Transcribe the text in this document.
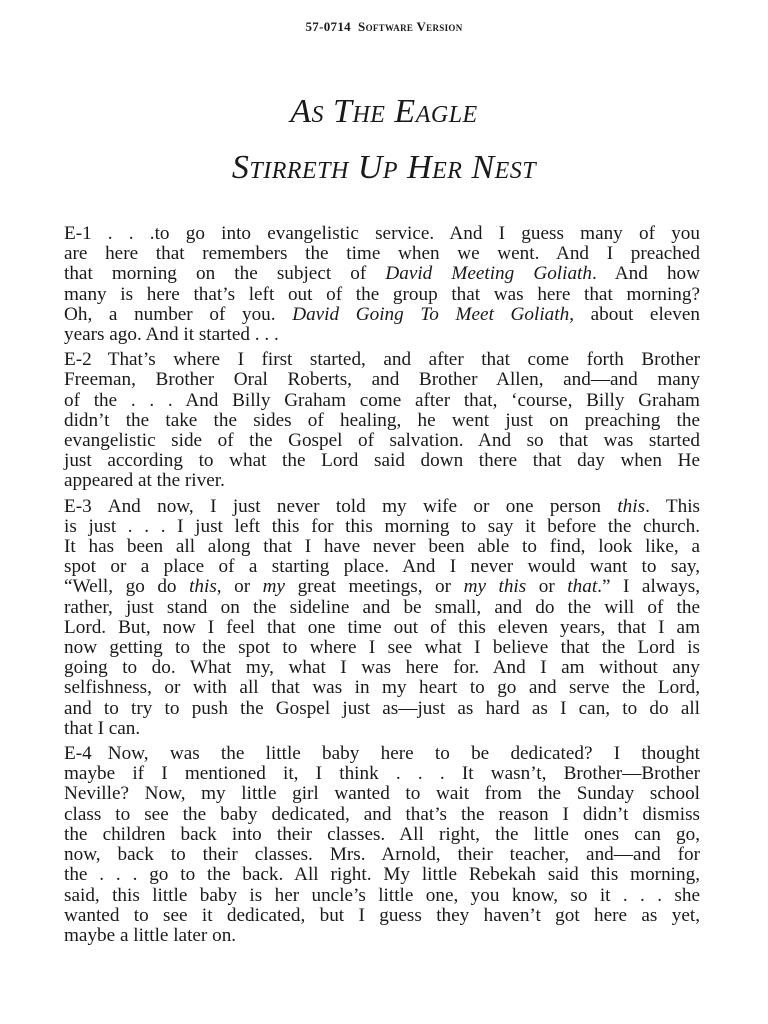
57-0714 Software Version
As The Eagle
Stirreth Up Her Nest
E-1 . . .to go into evangelistic service. And I guess many of you
are here that remembers the time when we went. And I preached
that morning on the subject of David Meeting Goliath. And how
many is here that’s left out of the group that was here that morning?
Oh, a number of you. David Going To Meet Goliath, about eleven
years ago. And it started . . .
E-2 That’s where I first started, and after that come forth Brother
Freeman, Brother Oral Roberts, and Brother Allen, and—and many
of the . . . And Billy Graham come after that, ‘course, Billy Graham
didn’t the take the sides of healing, he went just on preaching the
evangelistic side of the Gospel of salvation. And so that was started
just according to what the Lord said down there that day when He
appeared at the river.
E-3 And now, I just never told my wife or one person this. This
is just . . . I just left this for this morning to say it before the church.
It has been all along that I have never been able to find, look like, a
spot or a place of a starting place. And I never would want to say,
“Well, go do this, or my great meetings, or my this or that.” I always,
rather, just stand on the sideline and be small, and do the will of the
Lord. But, now I feel that one time out of this eleven years, that I am
now getting to the spot to where I see what I believe that the Lord is
going to do. What my, what I was here for. And I am without any
selfishness, or with all that was in my heart to go and serve the Lord,
and to try to push the Gospel just as—just as hard as I can, to do all
that I can.
E-4 Now, was the little baby here to be dedicated? I thought
maybe if I mentioned it, I think . . . It wasn’t, Brother—Brother
Neville? Now, my little girl wanted to wait from the Sunday school
class to see the baby dedicated, and that’s the reason I didn’t dismiss
the children back into their classes. All right, the little ones can go,
now, back to their classes. Mrs. Arnold, their teacher, and—and for
the . . . go to the back. All right. My little Rebekah said this morning,
said, this little baby is her uncle’s little one, you know, so it . . . she
wanted to see it dedicated, but I guess they haven’t got here as yet,
maybe a little later on.
